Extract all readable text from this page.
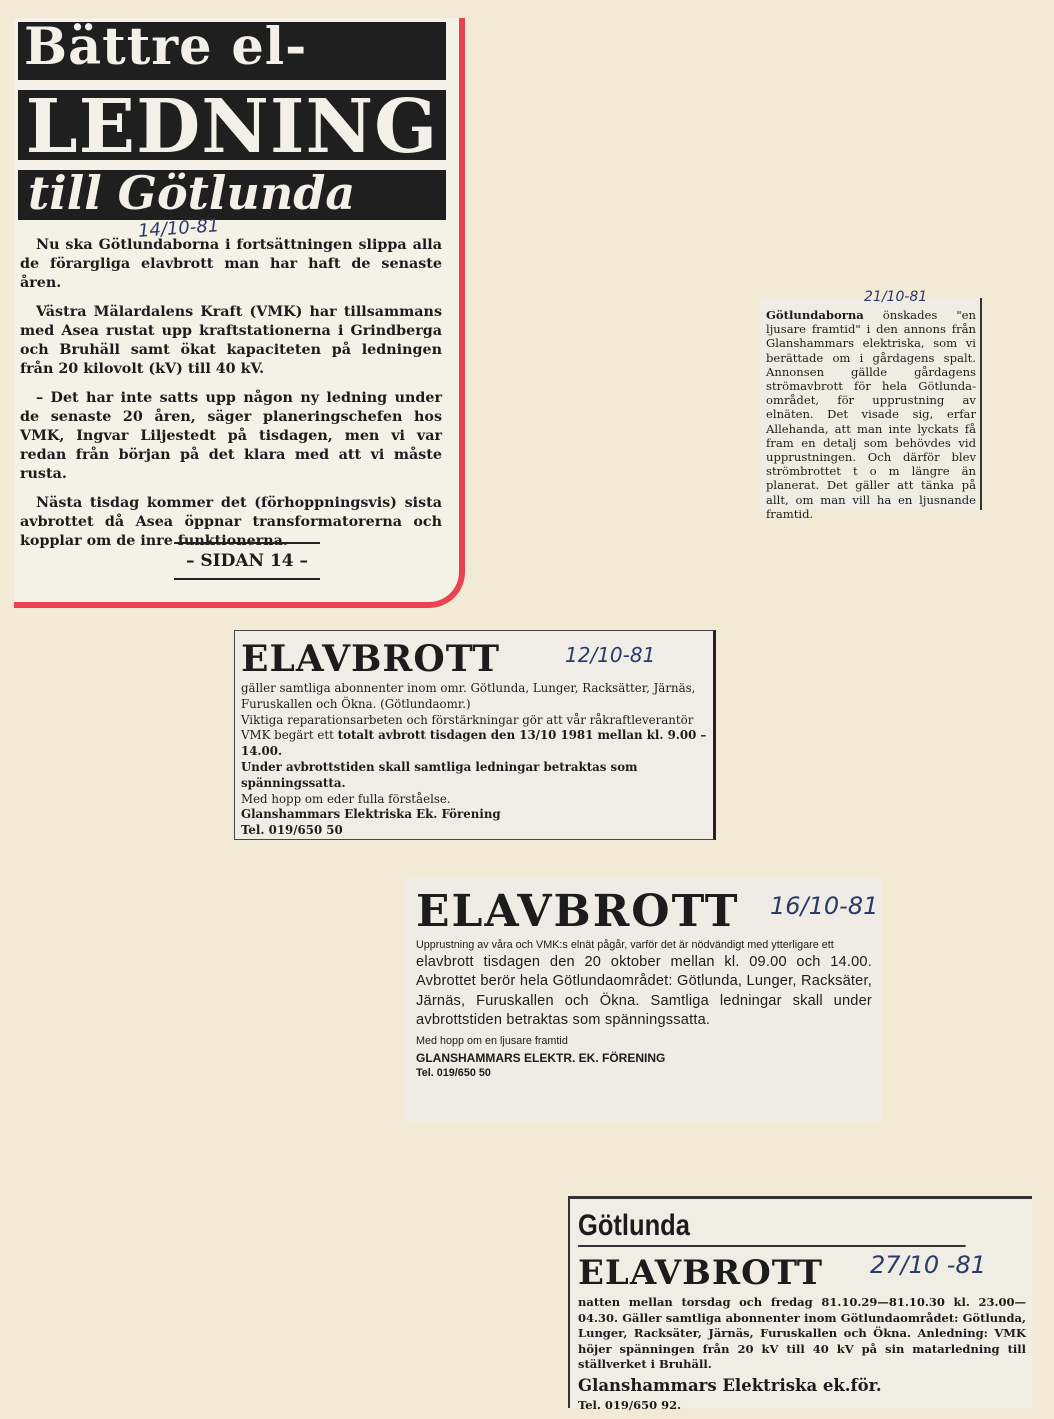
Bättre el-
LEDNING
till Götlunda
14/10-81

Nu ska Götlundaborna i fortsättningen slippa alla de förargliga elavbrott man har haft de senaste åren.

Västra Mälardalens Kraft (VMK) har tillsammans med Asea rustat upp kraftstationerna i Grindberga och Bruhäll samt ökat kapaciteten på ledningen från 20 kilovolt (kV) till 40 kV.

– Det har inte satts upp någon ny ledning under de senaste 20 åren, säger planeringschefen hos VMK, Ingvar Liljestedt på tisdagen, men vi var redan från början på det klara med att vi måste rusta.

Nästa tisdag kommer det (förhoppningsvis) sista avbrottet då Asea öppnar transformatorerna och kopplar om de inre funktionerna.

– SIDAN 14 –
21/10-81
Götlundaborna önskades "en ljusare framtid" i den annons från Glanshammars elektriska, som vi berättade om i gårdagens spalt. Annonsen gällde gårdagens strömavbrott för hela Götlunda-området, för upprustning av elnäten. Det visade sig, erfar Allehanda, att man inte lyckats få fram en detalj som behövdes vid upprustningen. Och därför blev strömbrottet t o m längre än planerat. Det gäller att tänka på allt, om man vill ha en ljusnande framtid.
ELAVBROTT	12/10-81
gäller samtliga abonnenter inom omr. Götlunda, Lunger, Racksätter, Järnäs, Furuskallen och Ökna. (Götlundaomr.)
Viktiga reparationsarbeten och förstärkningar gör att vår råkraftleverantör VMK begärt ett totalt avbrott tisdagen den 13/10 1981 mellan kl. 9.00 – 14.00.
Under avbrottstiden skall samtliga ledningar betraktas som spänningssatta.
Med hopp om eder fulla förståelse.
Glanshammars Elektriska Ek. Förening
Tel. 019/650 50
ELAVBROTT	16/10-81
Upprustning av våra och VMK:s elnät pågår, varför det är nödvändigt med ytterligare ett
elavbrott tisdagen den 20 oktober mellan kl. 09.00 och 14.00. Avbrottet berör hela Götlundaområdet: Götlunda, Lunger, Racksäter, Järnäs, Furuskallen och Ökna. Samtliga ledningar skall under avbrottstiden betraktas som spänningssatta.
Med hopp om en ljusare framtid
GLANSHAMMARS ELEKTR. EK. FÖRENING
Tel. 019/650 50
Götlunda
ELAVBROTT	27/10 -81
natten mellan torsdag och fredag 81.10.29—81.10.30 kl. 23.00—04.30. Gäller samtliga abonnenter inom Götlundaområdet: Götlunda, Lunger, Racksäter, Järnäs, Furuskallen och Ökna. Anledning: VMK höjer spänningen från 20 kV till 40 kV på sin matarledning till ställverket i Bruhäll.
Glanshammars Elektriska ek.för.
Tel. 019/650 92.
